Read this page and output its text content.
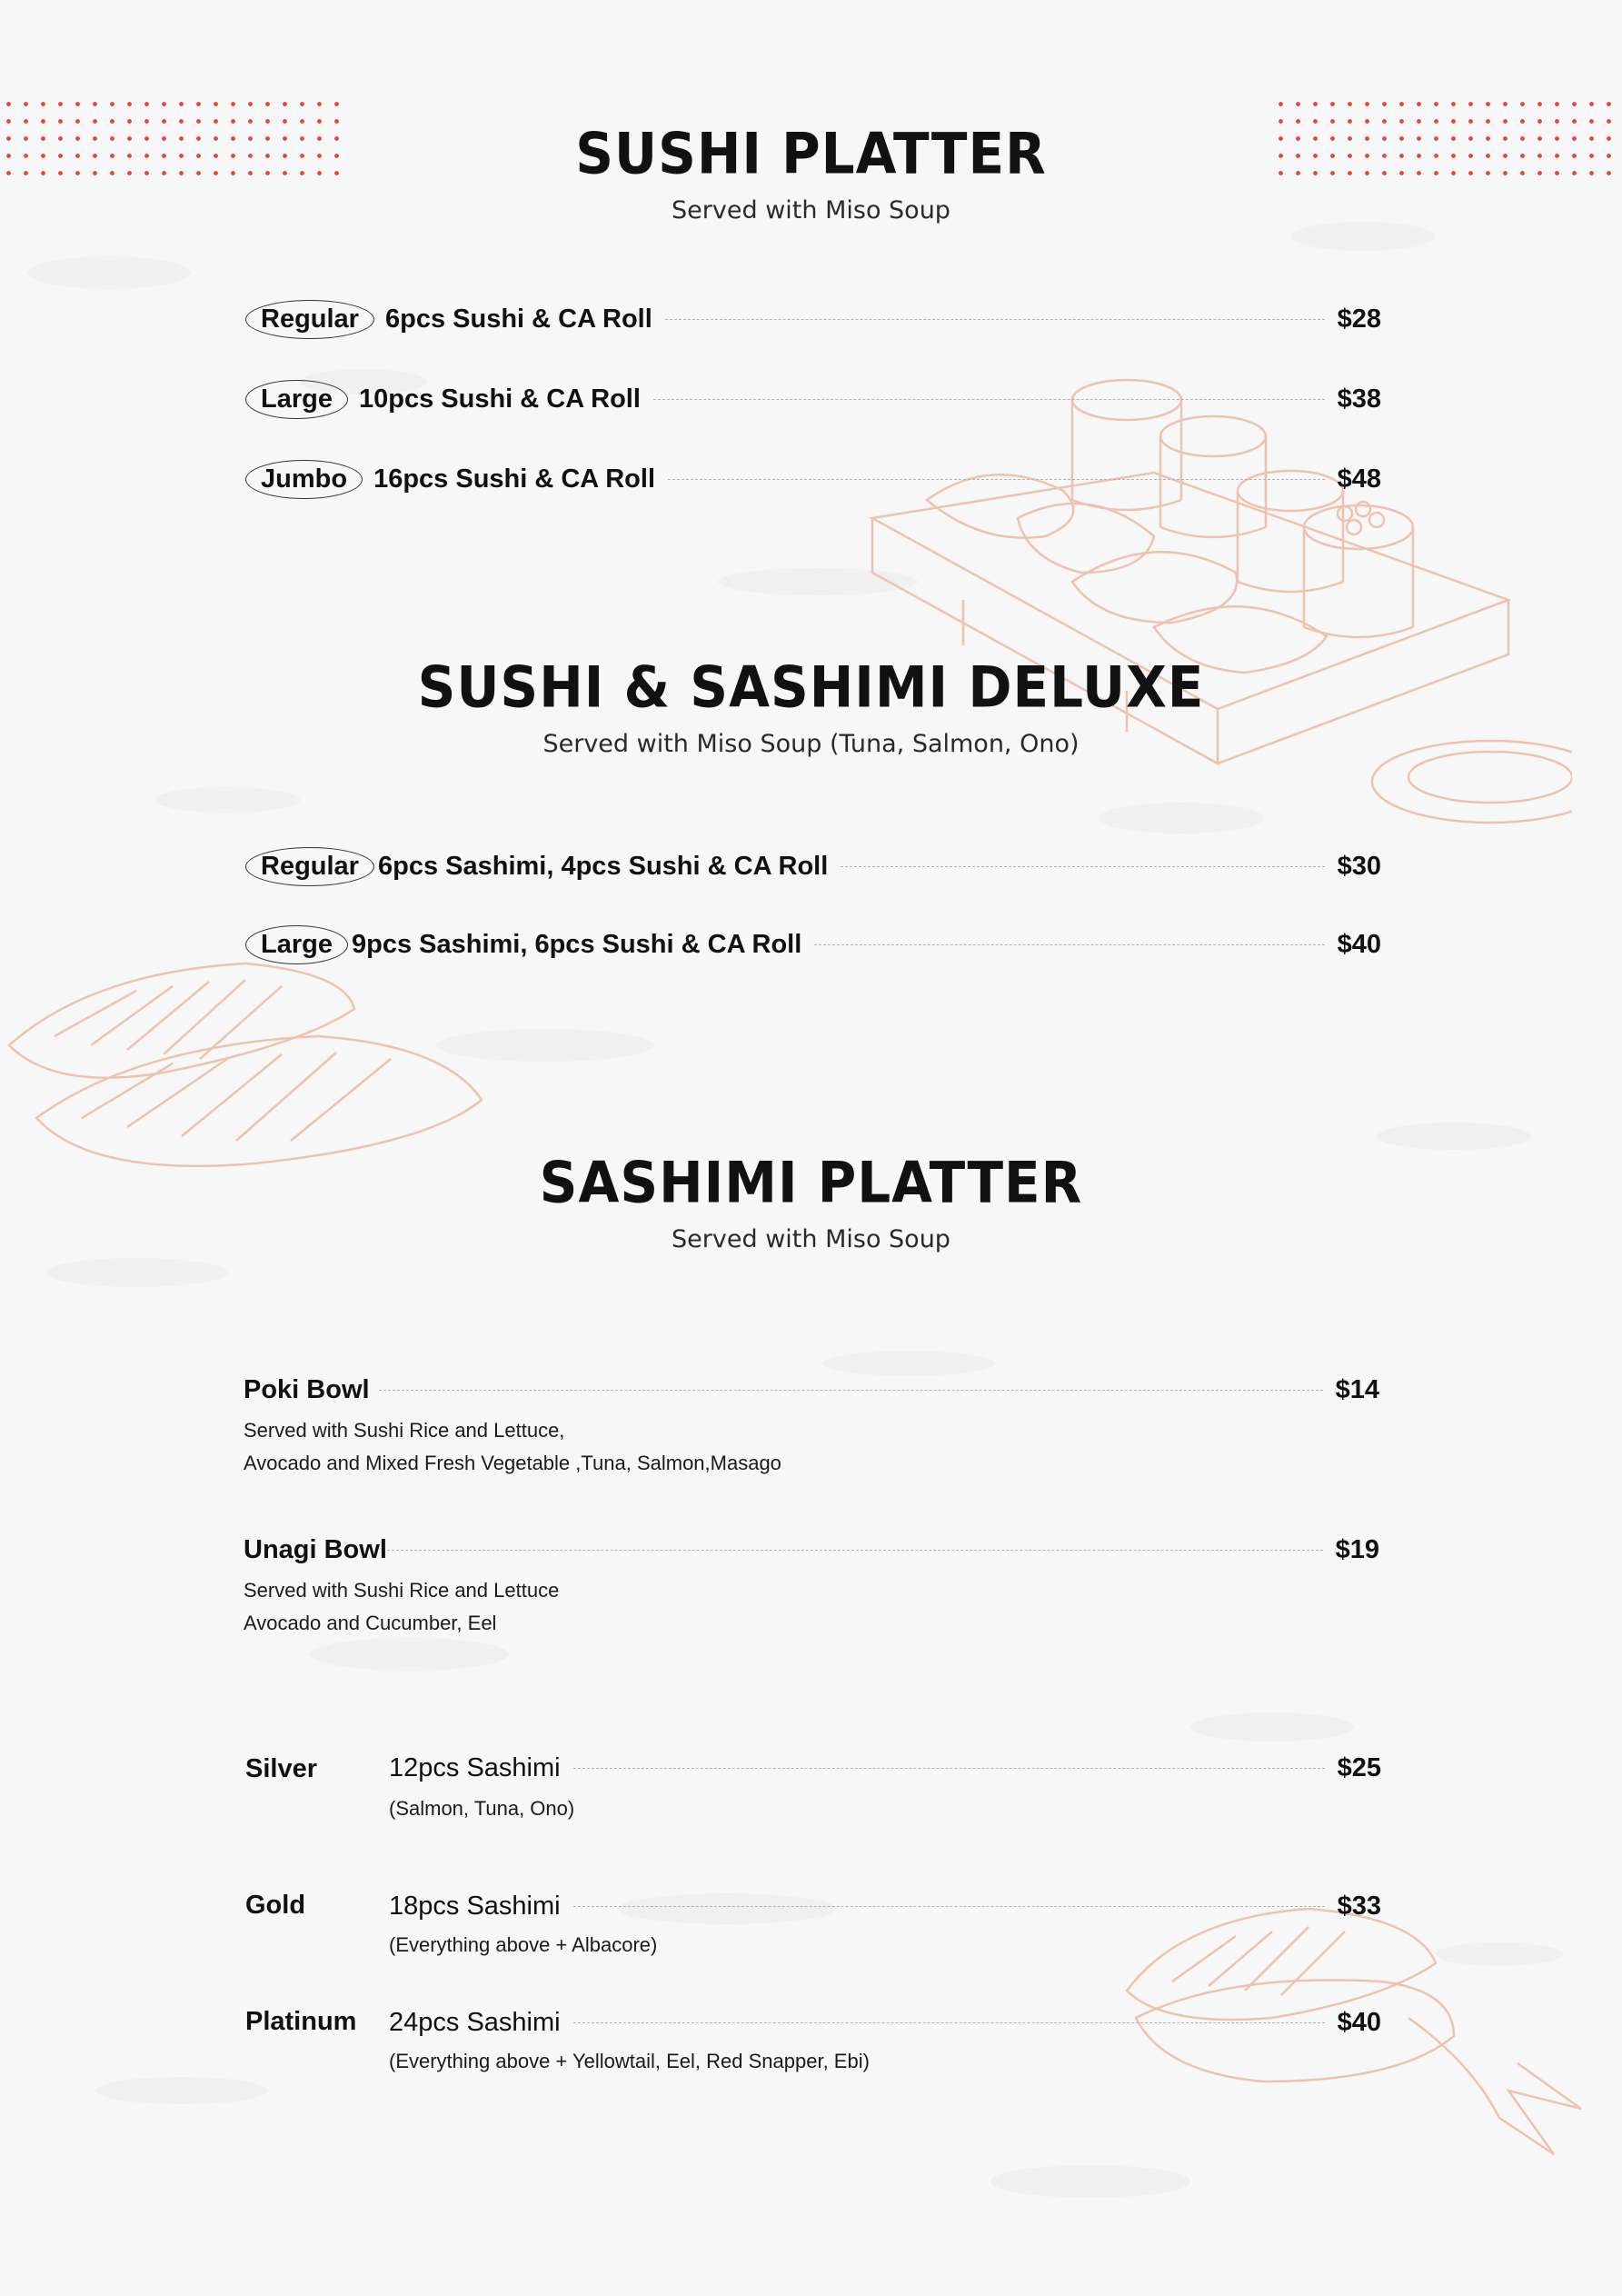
SUSHI PLATTER
Served with Miso Soup
Regular	6pcs Sushi & CA Roll	$28
Large	10pcs Sushi & CA Roll	$38
Jumbo	16pcs Sushi & CA Roll	$48
SUSHI & SASHIMI DELUXE
Served with Miso Soup (Tuna, Salmon, Ono)
Regular 6pcs Sashimi, 4pcs Sushi & CA Roll	$30
Large 9pcs Sashimi, 6pcs Sushi & CA Roll	$40
SASHIMI PLATTER
Served with Miso Soup
Poki Bowl	$14
Served with Sushi Rice and Lettuce,
Avocado and Mixed Fresh Vegetable ,Tuna, Salmon,Masago
Unagi Bowl	$19
Served with Sushi Rice and Lettuce
Avocado and Cucumber, Eel
Silver	12pcs Sashimi	$25
(Salmon, Tuna, Ono)
Gold	18pcs Sashimi	$33
(Everything above + Albacore)
Platinum 24pcs Sashimi	$40
(Everything above + Yellowtail, Eel, Red Snapper, Ebi)
